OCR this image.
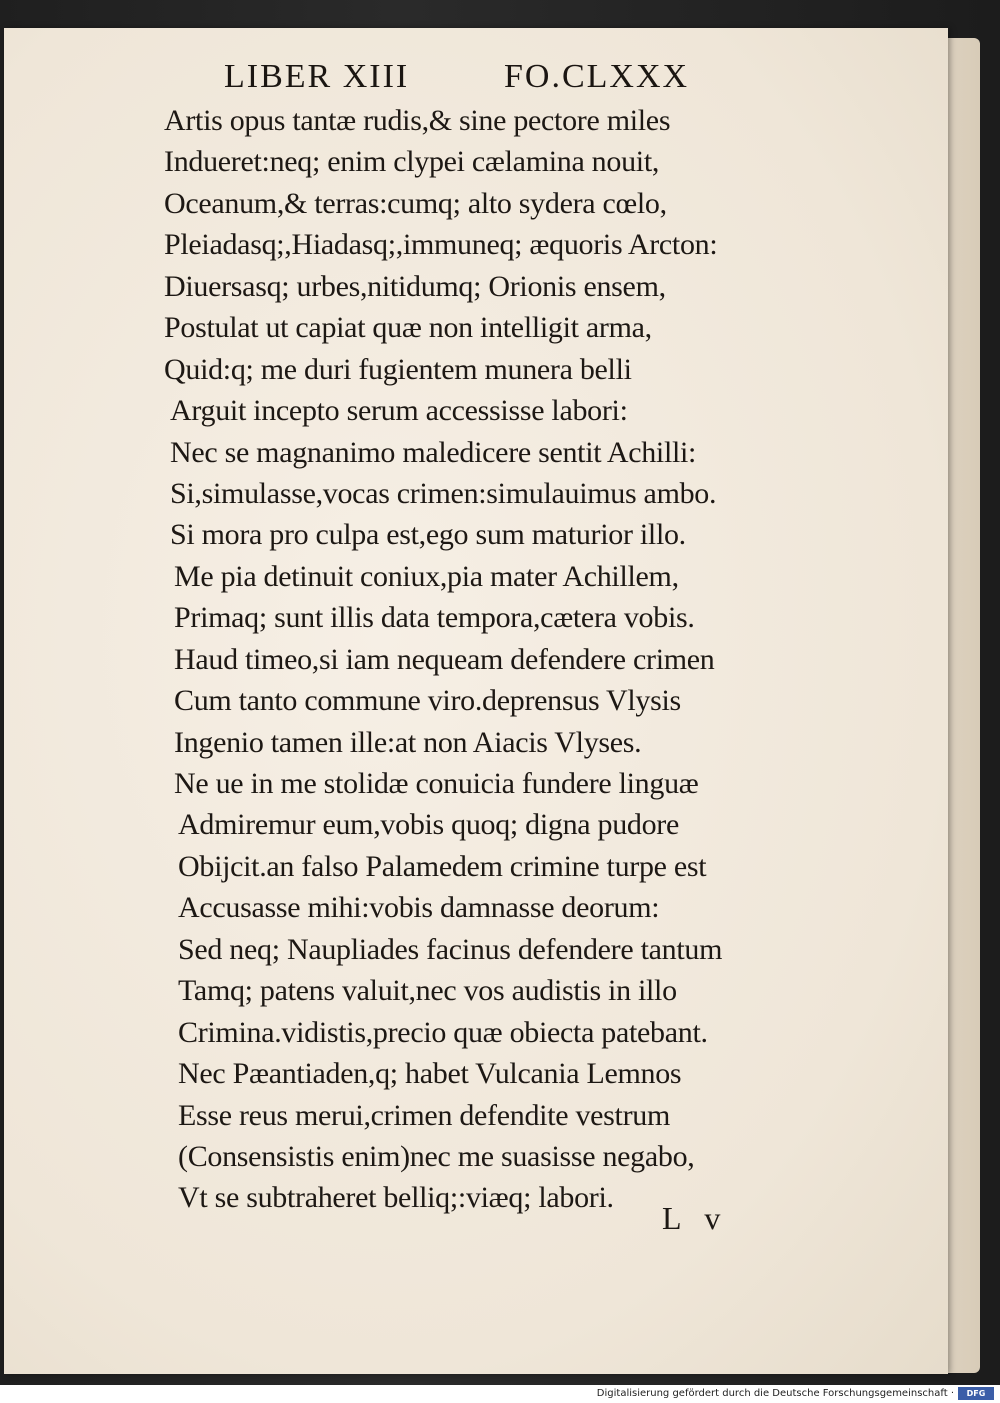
LIBER XIII	FO.CLXXX
Artis opus tantæ rudis,& sine pectore miles
Indueret:neq; enim clypei cælamina nouit,
Oceanum,& terras:cumq; alto sydera cœlo,
Pleiadasq;,Hiadasq;,immuneq; æquoris Arcton:
Diuersasq; urbes,nitidumq; Orionis ensem,
Postulat ut capiat quæ non intelligit arma,
Quid:q; me duri fugientem munera belli
Arguit incepto serum accessisse labori:
Nec se magnanimo maledicere sentit Achilli:
Si,simulasse,vocas crimen:simulauimus ambo.
Si mora pro culpa est,ego sum maturior illo.
Me pia detinuit coniux,pia mater Achillem,
Primaq; sunt illis data tempora,cætera vobis.
Haud timeo,si iam nequeam defendere crimen
Cum tanto commune viro.deprensus Vlysis
Ingenio tamen ille:at non Aiacis Vlyses.
Ne ue in me stolidæ conuicia fundere linguæ
Admiremur eum,vobis quoq; digna pudore
Obijcit.an falso Palamedem crimine turpe est
Accusasse mihi:vobis damnasse deorum:
Sed neq; Naupliades facinus defendere tantum
Tamq; patens valuit,nec vos audistis in illo
Crimina.vidistis,precio quæ obiecta patebant.
Nec Pæantiaden,q; habet Vulcania Lemnos
Esse reus merui,crimen defendite vestrum
(Consensistis enim)nec me suasisse negabo,
Vt se subtraheret belliq;:viæq; labori.
L v
Digitalisierung gefördert durch die Deutsche Forschungsgemeinschaft ·	DFG
